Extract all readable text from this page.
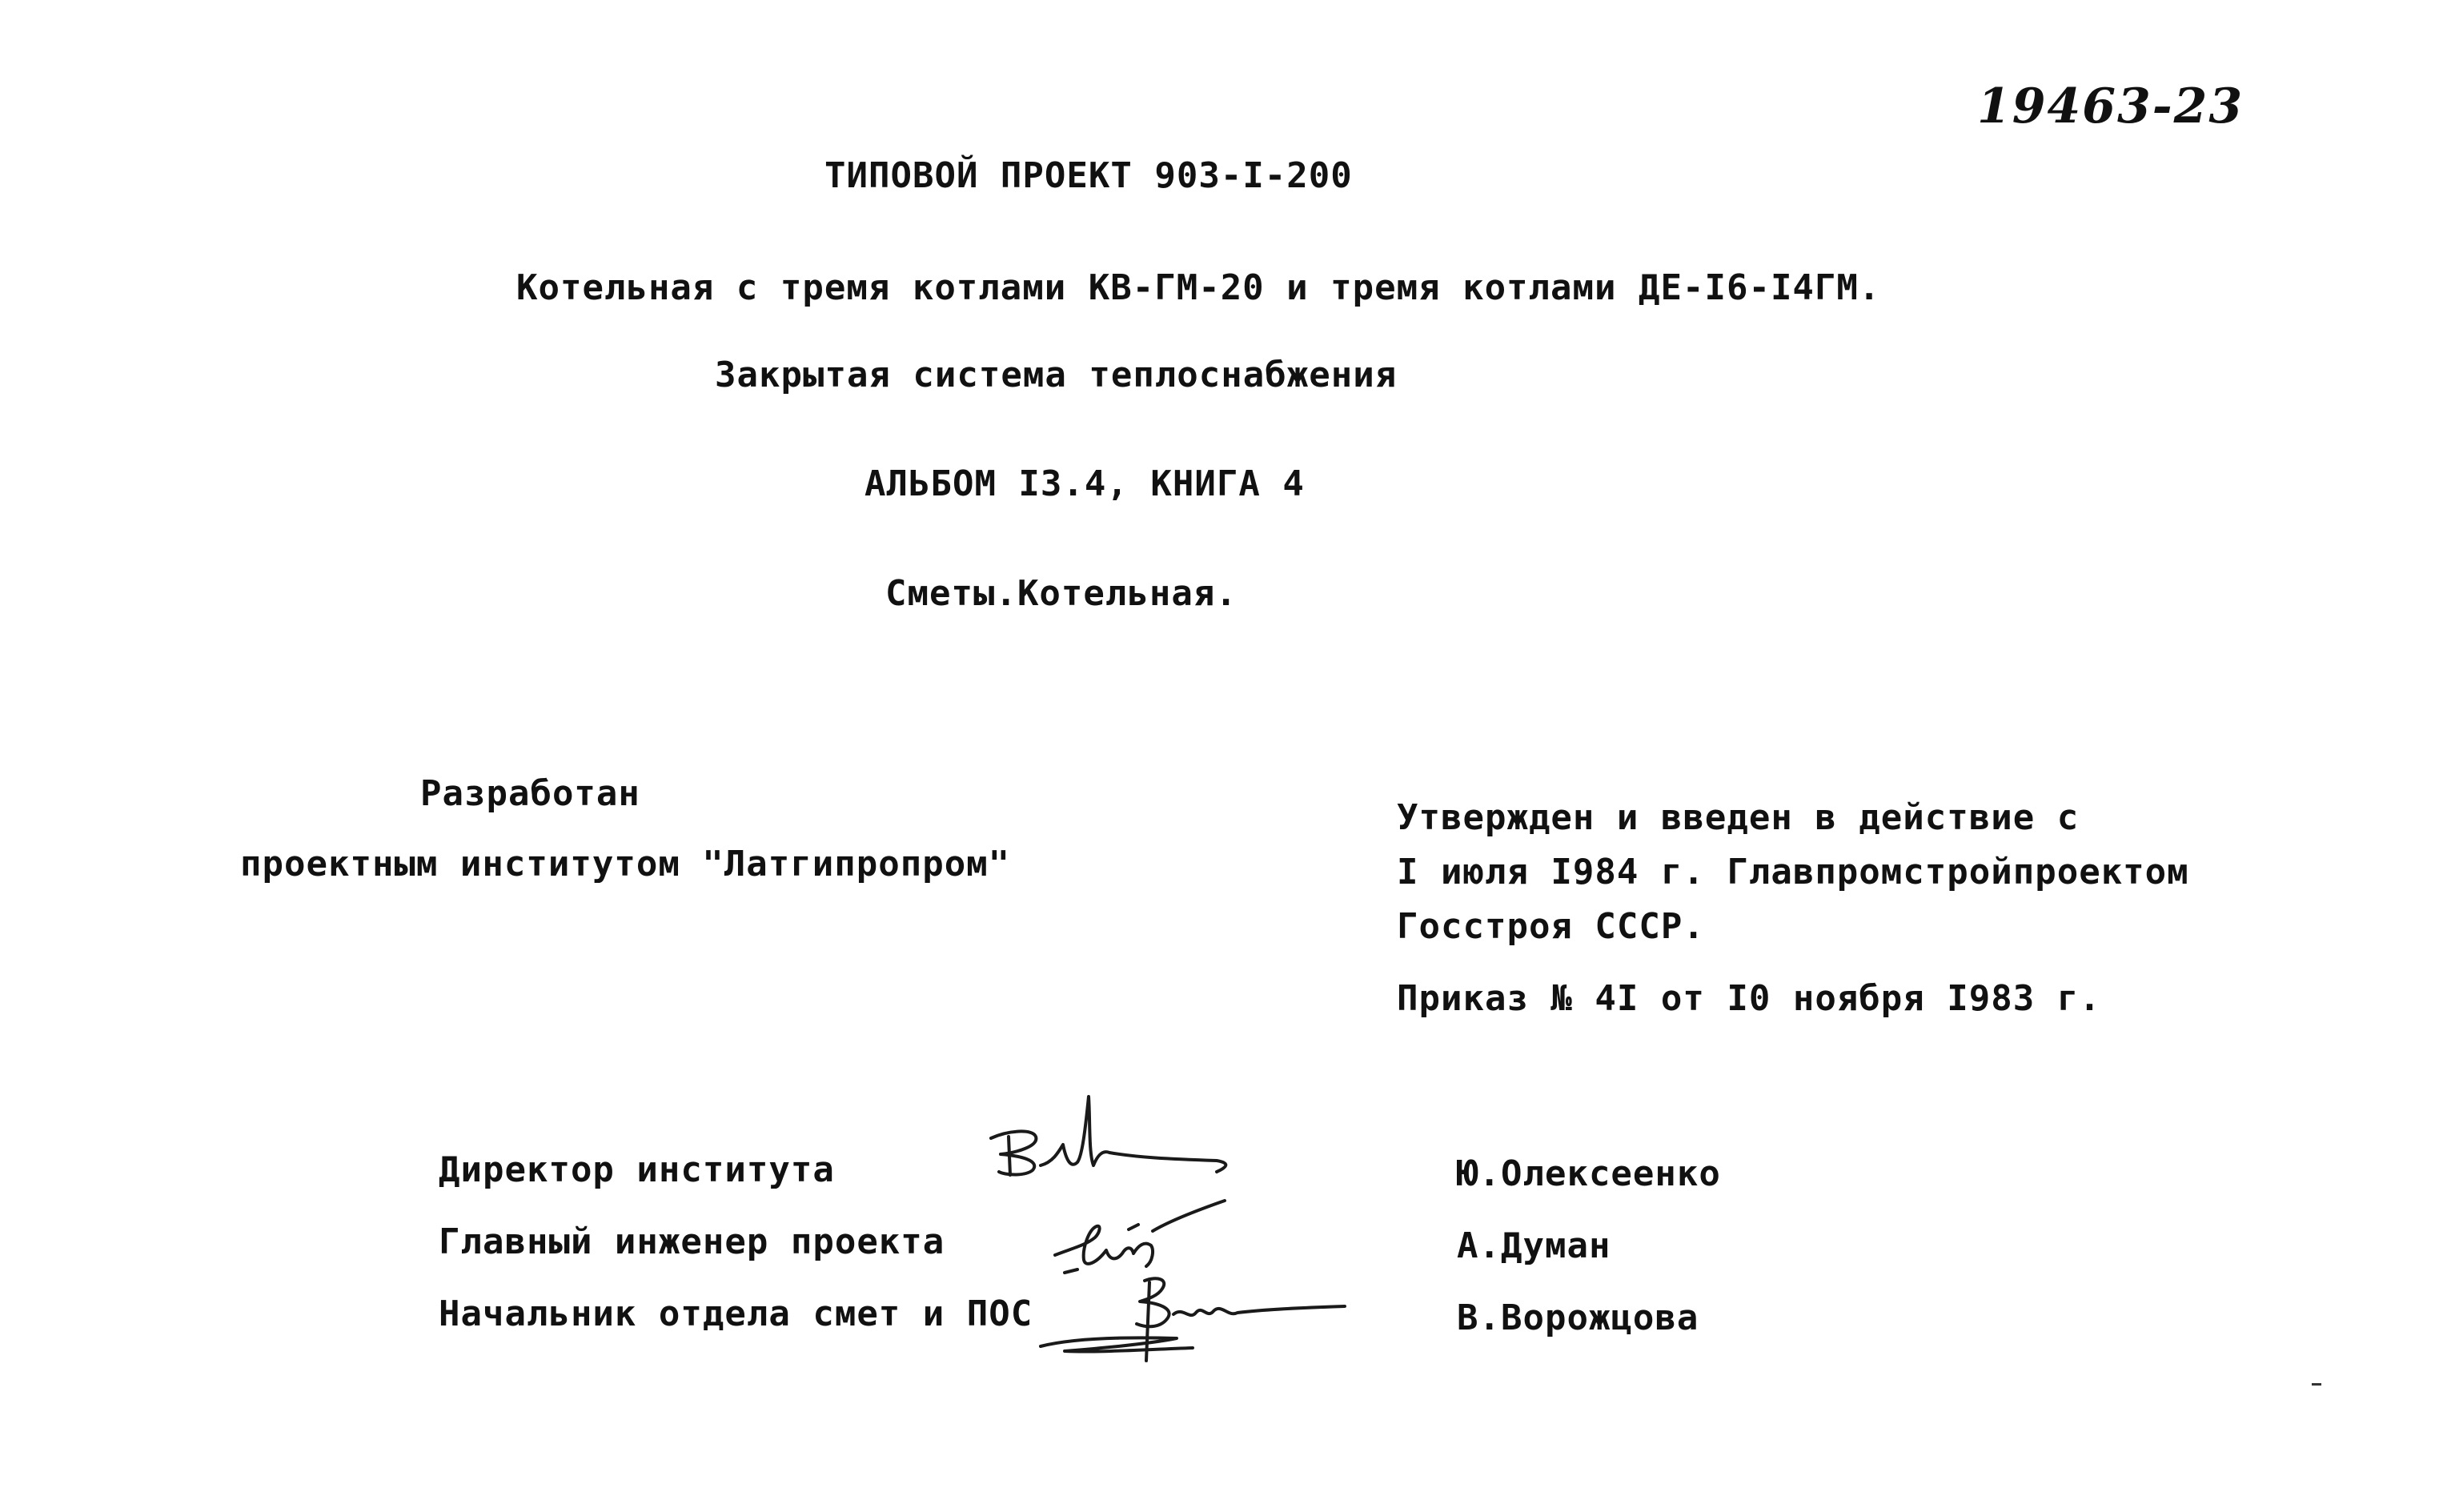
19463-23
ТИПОВОЙ ПРОЕКТ 903-I-200
Котельная с тремя котлами КВ-ГМ-20 и тремя котлами ДЕ-I6-I4ГМ.
Закрытая система теплоснабжения
АЛЬБОМ I3.4, КНИГА 4
Сметы.Котельная.
Разработан
проектным институтом "Латгипропром"
Утвержден и введен в действие с
I июля I984 г. Главпромстройпроектом
Госстроя СССР.
Приказ № 4I от I0 ноября I983 г.
Директор института	Ю.Олексеенко
Главный инженер проекта	А.Думан
Начальник отдела смет и ПОС	В.Ворожцова
